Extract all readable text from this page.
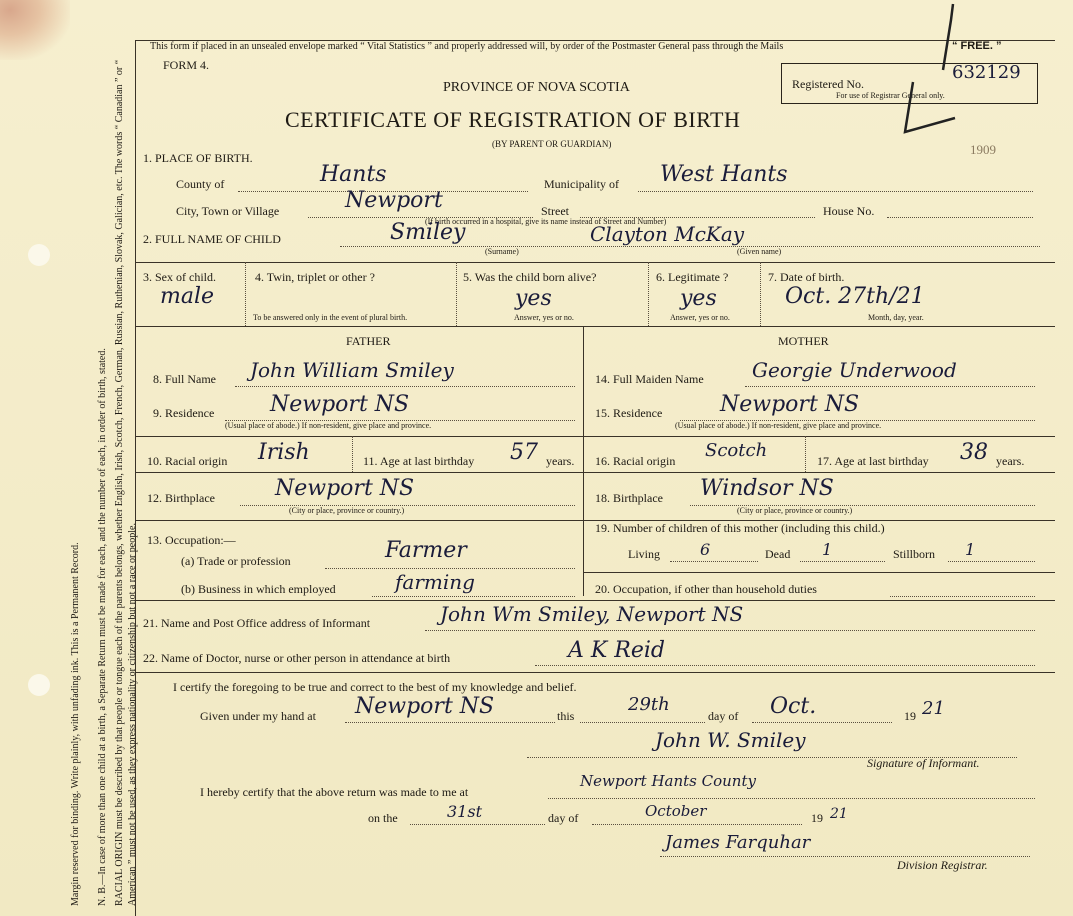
Margin reserved for binding. Write plainly, with unfading ink. This is a Permanent Record. N. B.—In case of more than one child at a birth, a Separate Return must be made for each, and the number of each, in order of birth, stated. RACIAL ORIGIN must be described by that people or tongue each of the parents belongs, whether English, Irish, Scotch, French, German, Russian, Ruthenian, Slovak, Galician, etc. The words “ Canadian ” or “ American ” must not be used, as they express nationality or citizenship but not a race or people.
This form if placed in an unsealed envelope marked “ Vital Statistics ” and properly addressed will, by order of the Postmaster General pass through the Mails	“ FREE. ”
FORM 4.
PROVINCE OF NOVA SCOTIA
CERTIFICATE OF REGISTRATION OF BIRTH
(BY PARENT OR GUARDIAN)
Registered No.
632129
For use of Registrar General only.
1909
1. PLACE OF BIRTH.
County of	Hants	Municipality of West Hants
City, Town or Village	Newport	Street
(If birth occurred in a hospital, give its name instead of Street and Number)
House No.
2. FULL NAME OF CHILD	Smiley	Clayton McKay
(Surname)	(Given name)
3. Sex of child.
male
4. Twin, triplet or other ?
To be answered only in the event of plural birth.
5. Was the child born alive?
yes
Answer, yes or no.
6. Legitimate ?
yes
Answer, yes or no.
7. Date of birth.
Oct. 27th/21
Month, day, year.
FATHER	MOTHER
8. Full Name John William Smiley
9. Residence	Newport NS
(Usual place of abode.) If non-resident, give place and province.
10. Racial origin Irish	11. Age at last birthday 57 years.
12. Birthplace	Newport NS
(City or place, province or country.)
13. Occupation:—
(a) Trade or profession	Farmer
(b) Business in which employed	farming
14. Full Maiden Name Georgie Underwood
15. Residence	Newport NS
(Usual place of abode.) If non-resident, give place and province.
16. Racial origin Scotch	17. Age at last birthday 38 years.
18. Birthplace Windsor NS
(City or place, province or country.)
19. Number of children of this mother (including this child.)
Living	6	Dead 1	Stillborn 1
20. Occupation, if other than household duties
21. Name and Post Office address of Informant	John Wm Smiley, Newport NS
22. Name of Doctor, nurse or other person in attendance at birth	A K Reid
I certify the foregoing to be true and correct to the best of my knowledge and belief.
Given under my hand at Newport NS	this
29th
day of Oct.	19 21
John W. Smiley
Signature of Informant.
I hereby certify that the above return was made to me at
Newport Hants County
on the	31st	day of	October	19 21
James Farquhar
Division Registrar.
